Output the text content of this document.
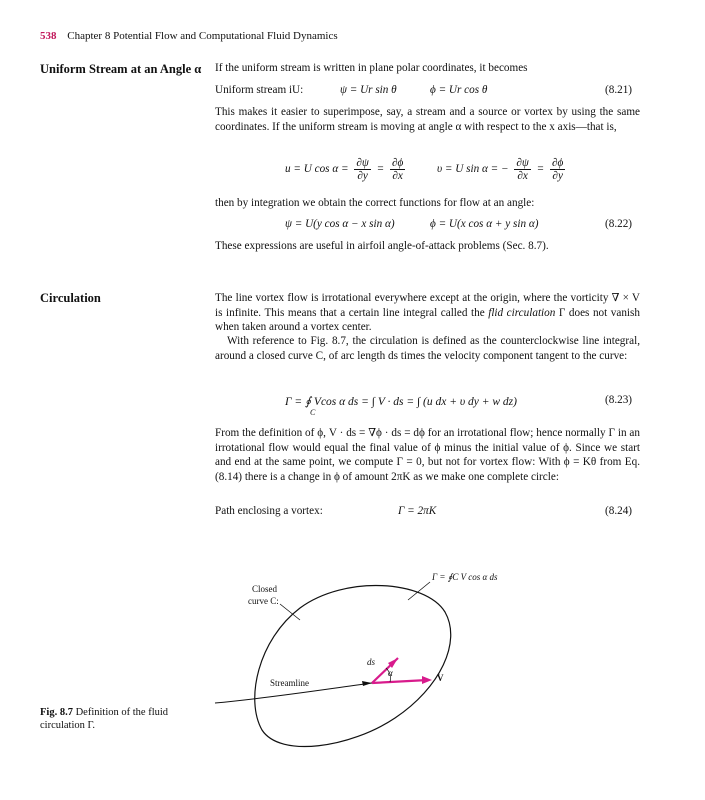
538 Chapter 8 Potential Flow and Computational Fluid Dynamics
Uniform Stream at an Angle α If the uniform stream is written in plane polar coordinates, it becomes
Uniform stream iU:	ψ = Ur sin θ	ϕ = Ur cos θ	(8.21)
This makes it easier to superimpose, say, a stream and a source or vortex by using the same coordinates. If the uniform stream is moving at angle α with respect to the x axis—that is,
u = U $\cos \alpha = \frac{\partial\psi}{\partial y} = \frac{\partial\phi}{\partial x}$	υ = U sin α = − $\frac{\partial\psi}{\partial x} = \frac{\partial\phi}{\partial y}$
then by integration we obtain the correct functions for flow at an angle:
ψ = U(y cos α − x sin α)	ϕ = U(x cos α + y sin α)	(8.22)
These expressions are useful in airfoil angle-of-attack problems (Sec. 8.7).
Circulation	The line vortex flow is irrotational everywhere except at the origin, where the vorticity ∇ × V is infinite. This means that a certain line integral called the flid circulation Γ does not vanish when taken around a vortex center.
With reference to Fig. 8.7, the circulation is defined as the counterclockwise line integral, around a closed curve C, of arc length ds times the velocity component tangent to the curve:
Γ = ∮ Vcos α ds = ∫ V · ds = ∫ (u dx + υ dy + w dz)
C
(8.23)
From the definition of ϕ, V · ds = ∇ϕ · ds = dϕ for an irrotational flow; hence normally Γ in an irrotational flow would equal the final value of ϕ minus the initial value of ϕ. Since we start and end at the same point, we compute Γ = 0, but not for vortex flow: With ϕ = Kθ from Eq. (8.14) there is a change in ϕ of amount 2πK as we make one complete circle:
Path enclosing a vortex:	Γ = 2πK	(8.24)
Γ = ∮C V cos α ds
Closed
curve C:
ds
α	V
Streamline
Fig. 8.7 Definition of the fluid circulation Γ.
